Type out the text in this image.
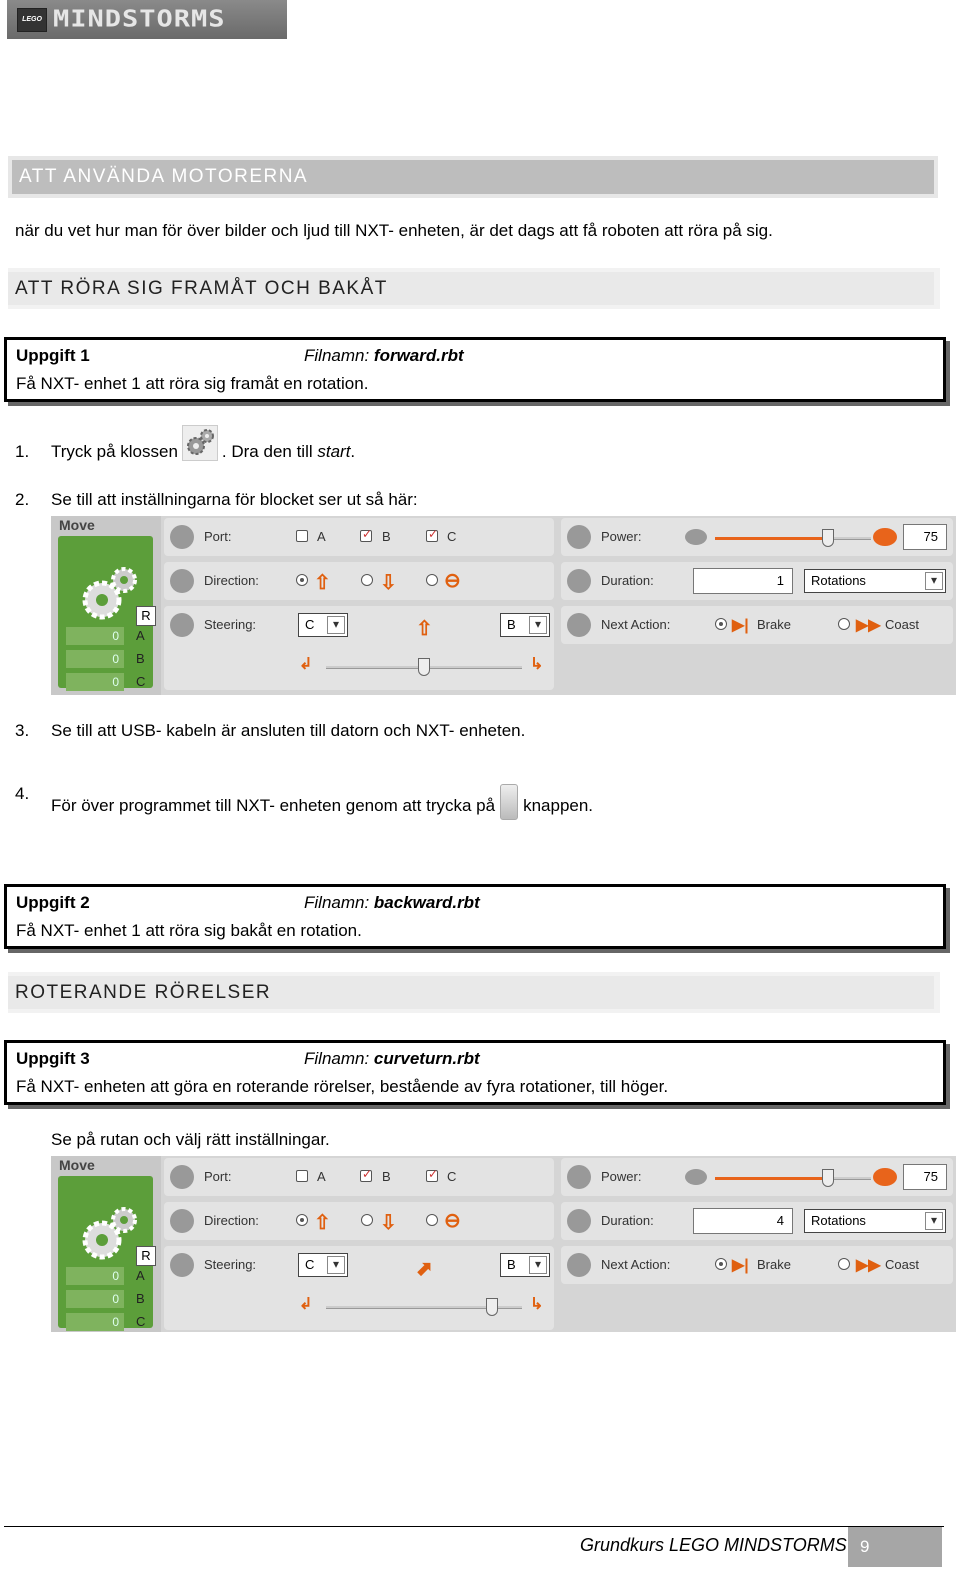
LEGO MINDSTORMS
ATT ANVÄNDA MOTORERNA
när du vet hur man för över bilder och ljud till NXT- enheten, är det dags att få roboten att röra på sig.
ATT RÖRA SIG FRAMÅT OCH BAKÅT
Uppgift 1	Filnamn: forward.rbt
Få NXT- enhet 1 att röra sig framåt en rotation.
1. Tryck på klossen	. Dra den till start.
2. Se till att inställningarna för blocket ser ut så här:
Move
R
0
0
0
A
B
C
Port:	A ✓	B ✓	C
Direction:	⇧ ⇩ ⊖
Steering:	C ▾	⇧	B ▾
↲	↳
Power:	75
Duration:	1	Rotations ▾
Next Action:	▶| Brake	▶▶ Coast
3. Se till att USB- kabeln är ansluten till datorn och NXT- enheten.
4.
För över programmet till NXT- enheten genom att trycka på knappen.
Uppgift 2	Filnamn: backward.rbt
Få NXT- enhet 1 att röra sig bakåt en rotation.
ROTERANDE RÖRELSER
Uppgift 3	Filnamn: curveturn.rbt
Få NXT- enheten att göra en roterande rörelser, bestående av fyra rotationer, till höger.
Se på rutan och välj rätt inställningar.
Move
R
0
0
0
A
B
C
Port:	A ✓	B ✓	C
Direction:	⇧ ⇩ ⊖
Steering:	C ▾	⬈	B ▾
↲	↳
Power:	75
Duration:	4	Rotations ▾
Next Action:	▶| Brake	▶▶ Coast
Grundkurs LEGO MINDSTORMS 9
